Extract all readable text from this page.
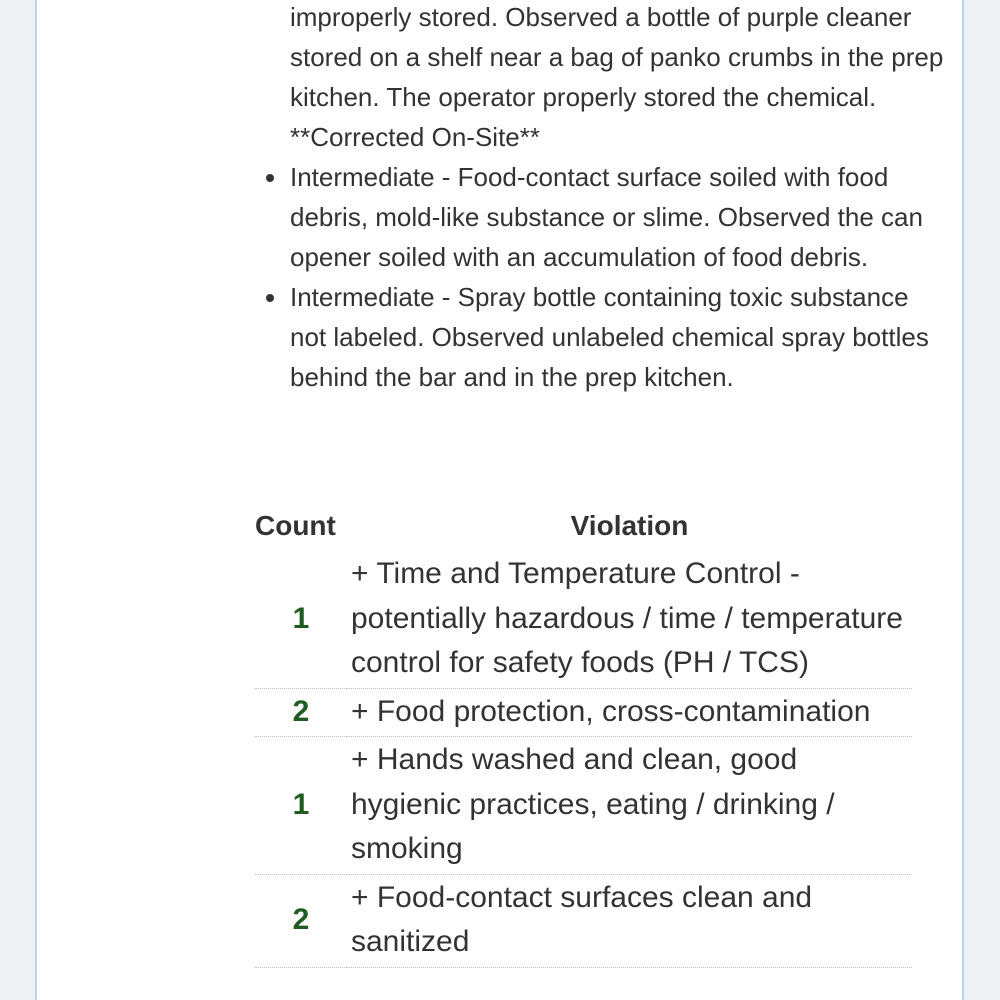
improperly stored. Observed a bottle of purple cleaner stored on a shelf near a bag of panko crumbs in the prep kitchen. The operator properly stored the chemical. **Corrected On-Site**
Intermediate - Food-contact surface soiled with food debris, mold-like substance or slime. Observed the can opener soiled with an accumulation of food debris.
Intermediate - Spray bottle containing toxic substance not labeled. Observed unlabeled chemical spray bottles behind the bar and in the prep kitchen.
Count	Violation
1	+ Time and Temperature Control - potentially hazardous / time / temperature control for safety foods (PH / TCS)
2	+ Food protection, cross-contamination
1	+ Hands washed and clean, good hygienic practices, eating / drinking / smoking
2	+ Food-contact surfaces clean and sanitized
